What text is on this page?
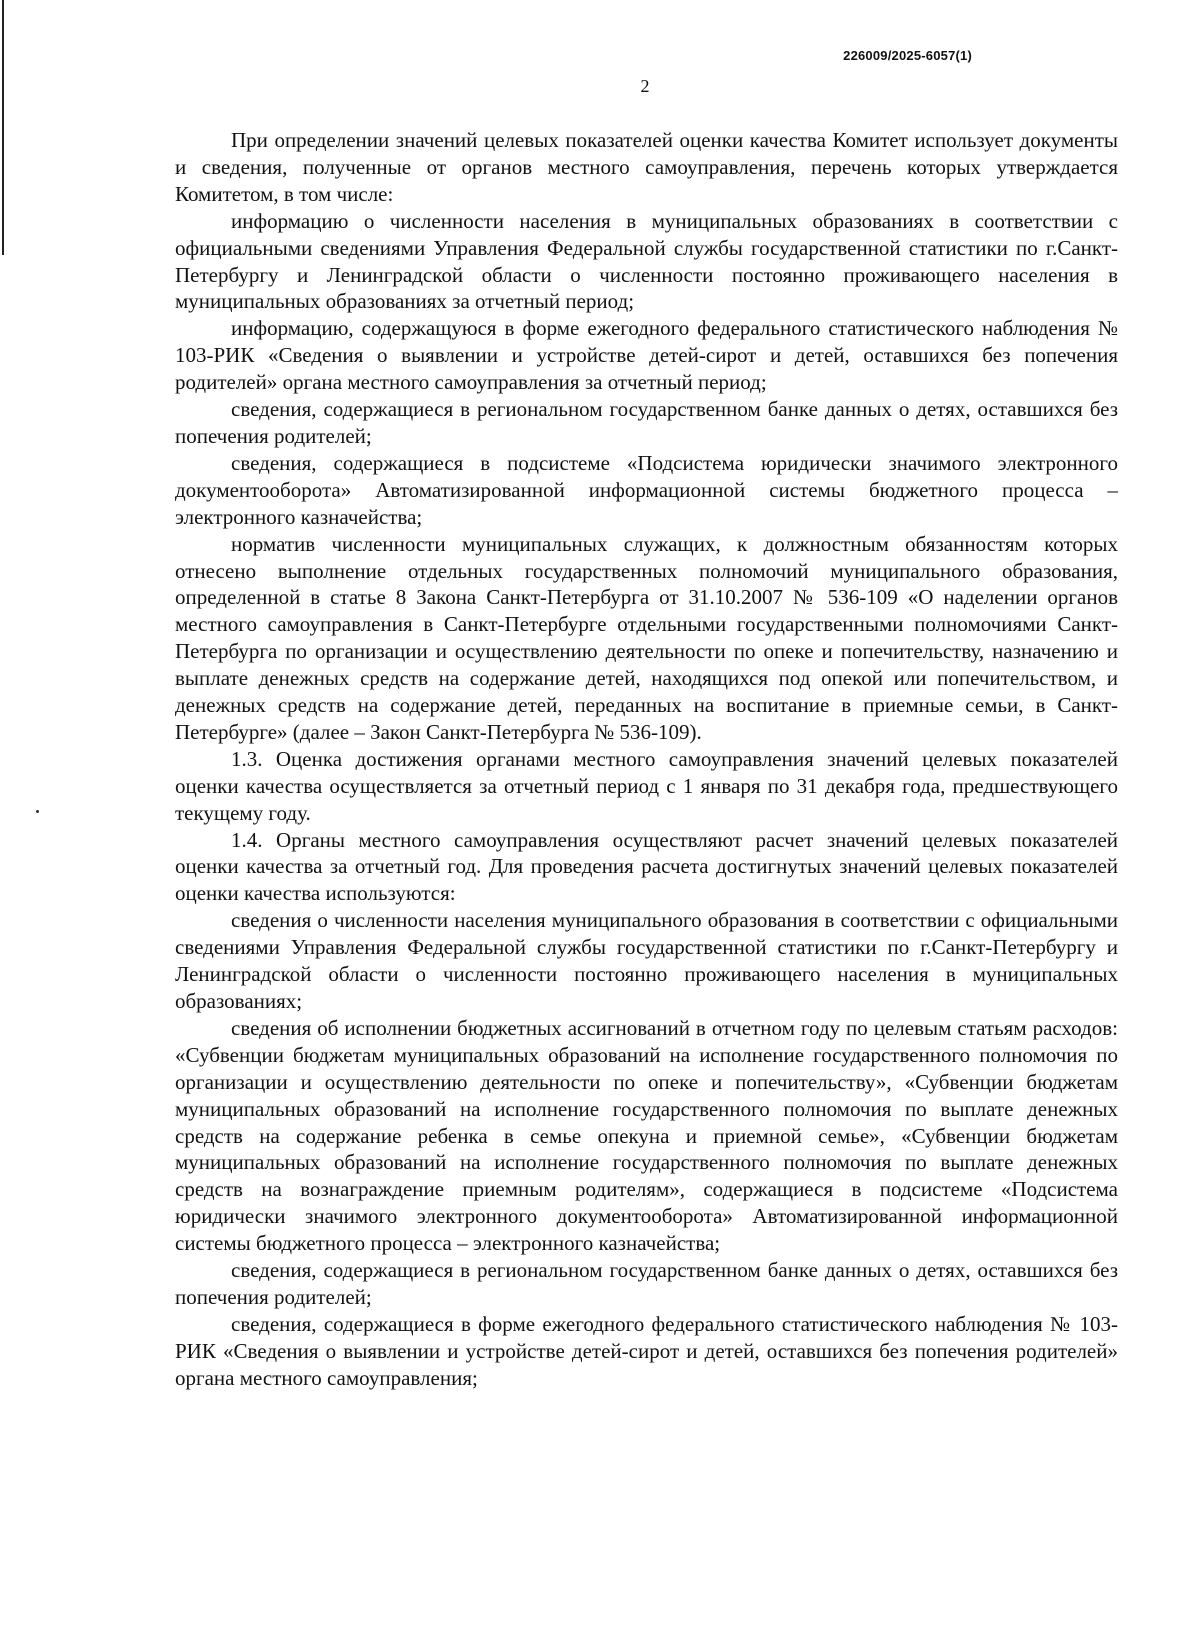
226009/2025-6057(1)
2

При определении значений целевых показателей оценки качества Комитет использует документы и сведения, полученные от органов местного самоуправления, перечень которых утверждается Комитетом, в том числе:

информацию о численности населения в муниципальных образованиях в соответствии с официальными сведениями Управления Федеральной службы государственной статистики по г.Санкт-Петербургу и Ленинградской области о численности постоянно проживающего населения в муниципальных образованиях за отчетный период;

информацию, содержащуюся в форме ежегодного федерального статистического наблюдения № 103-РИК «Сведения о выявлении и устройстве детей-сирот и детей, оставшихся без попечения родителей» органа местного самоуправления за отчетный период;

сведения, содержащиеся в региональном государственном банке данных о детях, оставшихся без попечения родителей;

сведения, содержащиеся в подсистеме «Подсистема юридически значимого электронного документооборота» Автоматизированной информационной системы бюджетного процесса – электронного казначейства;

норматив численности муниципальных служащих, к должностным обязанностям которых отнесено выполнение отдельных государственных полномочий муниципального образования, определенной в статье 8 Закона Санкт-Петербурга от 31.10.2007 № 536-109 «О наделении органов местного самоуправления в Санкт-Петербурге отдельными государственными полномочиями Санкт-Петербурга по организации и осуществлению деятельности по опеке и попечительству, назначению и выплате денежных средств на содержание детей, находящихся под опекой или попечительством, и денежных средств на содержание детей, переданных на воспитание в приемные семьи, в Санкт-Петербурге» (далее – Закон Санкт-Петербурга № 536-109).

1.3. Оценка достижения органами местного самоуправления значений целевых показателей оценки качества осуществляется за отчетный период с 1 января по 31 декабря года, предшествующего текущему году.

1.4. Органы местного самоуправления осуществляют расчет значений целевых показателей оценки качества за отчетный год. Для проведения расчета достигнутых значений целевых показателей оценки качества используются:

сведения о численности населения муниципального образования в соответствии с официальными сведениями Управления Федеральной службы государственной статистики по г.Санкт-Петербургу и Ленинградской области о численности постоянно проживающего населения в муниципальных образованиях;

сведения об исполнении бюджетных ассигнований в отчетном году по целевым статьям расходов: «Субвенции бюджетам муниципальных образований на исполнение государственного полномочия по организации и осуществлению деятельности по опеке и попечительству», «Субвенции бюджетам муниципальных образований на исполнение государственного полномочия по выплате денежных средств на содержание ребенка в семье опекуна и приемной семье», «Субвенции бюджетам муниципальных образований на исполнение государственного полномочия по выплате денежных средств на вознаграждение приемным родителям», содержащиеся в подсистеме «Подсистема юридически значимого электронного документооборота» Автоматизированной информационной системы бюджетного процесса – электронного казначейства;

сведения, содержащиеся в региональном государственном банке данных о детях, оставшихся без попечения родителей;

сведения, содержащиеся в форме ежегодного федерального статистического наблюдения № 103-РИК «Сведения о выявлении и устройстве детей-сирот и детей, оставшихся без попечения родителей» органа местного самоуправления;
